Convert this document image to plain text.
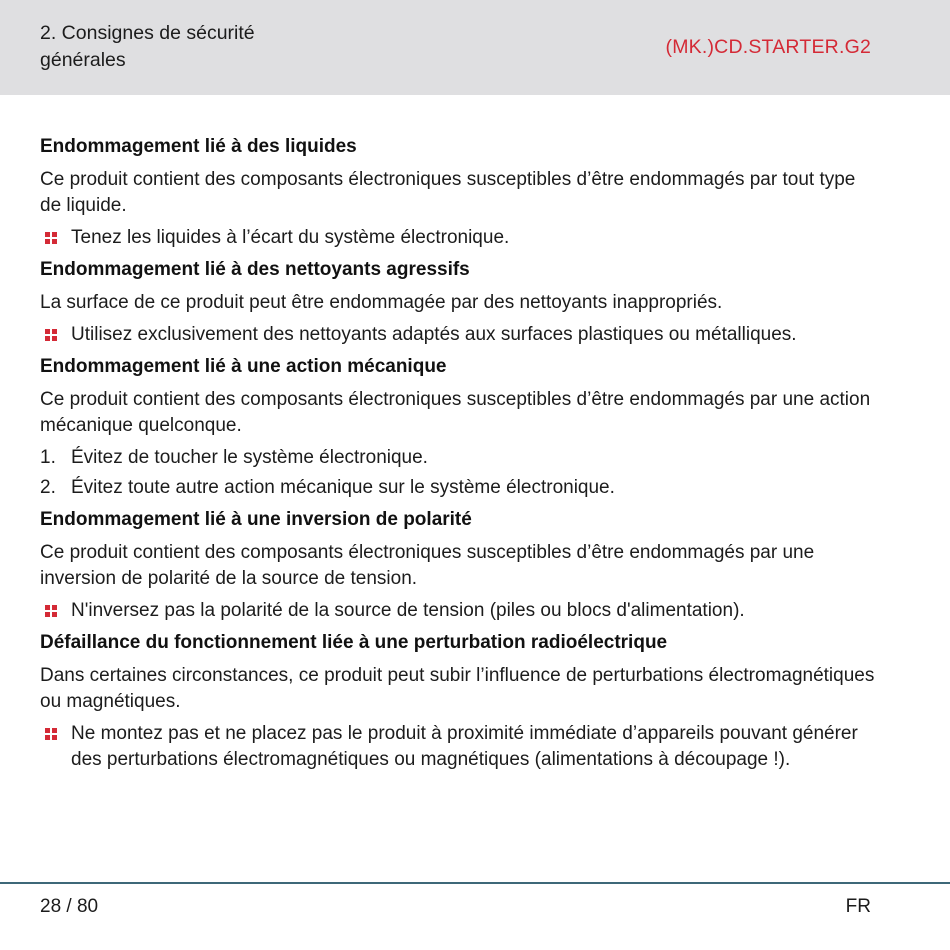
2. Consignes de sécurité générales
(MK.)CD.STARTER.G2
Endommagement lié à des liquides

Ce produit contient des composants électroniques susceptibles d’être endommagés par tout type de liquide.

Tenez les liquides à l’écart du système électronique.
Endommagement lié à des nettoyants agressifs

La surface de ce produit peut être endommagée par des nettoyants inappropriés.

Utilisez exclusivement des nettoyants adaptés aux surfaces plastiques ou métalliques.
Endommagement lié à une action mécanique

Ce produit contient des composants électroniques susceptibles d’être endommagés par une action mécanique quelconque.

1. Évitez de toucher le système électronique.
2. Évitez toute autre action mécanique sur le système électronique.
Endommagement lié à une inversion de polarité

Ce produit contient des composants électroniques susceptibles d’être endommagés par une inversion de polarité de la source de tension.

N'inversez pas la polarité de la source de tension (piles ou blocs d'alimentation).
Défaillance du fonctionnement liée à une perturbation radioélectrique

Dans certaines circonstances, ce produit peut subir l’influence de perturbations électromagnétiques ou magnétiques.

Ne montez pas et ne placez pas le produit à proximité immédiate d’appareils pouvant générer des perturbations électromagnétiques ou magnétiques (alimentations à découpage !).
28 / 80	FR
